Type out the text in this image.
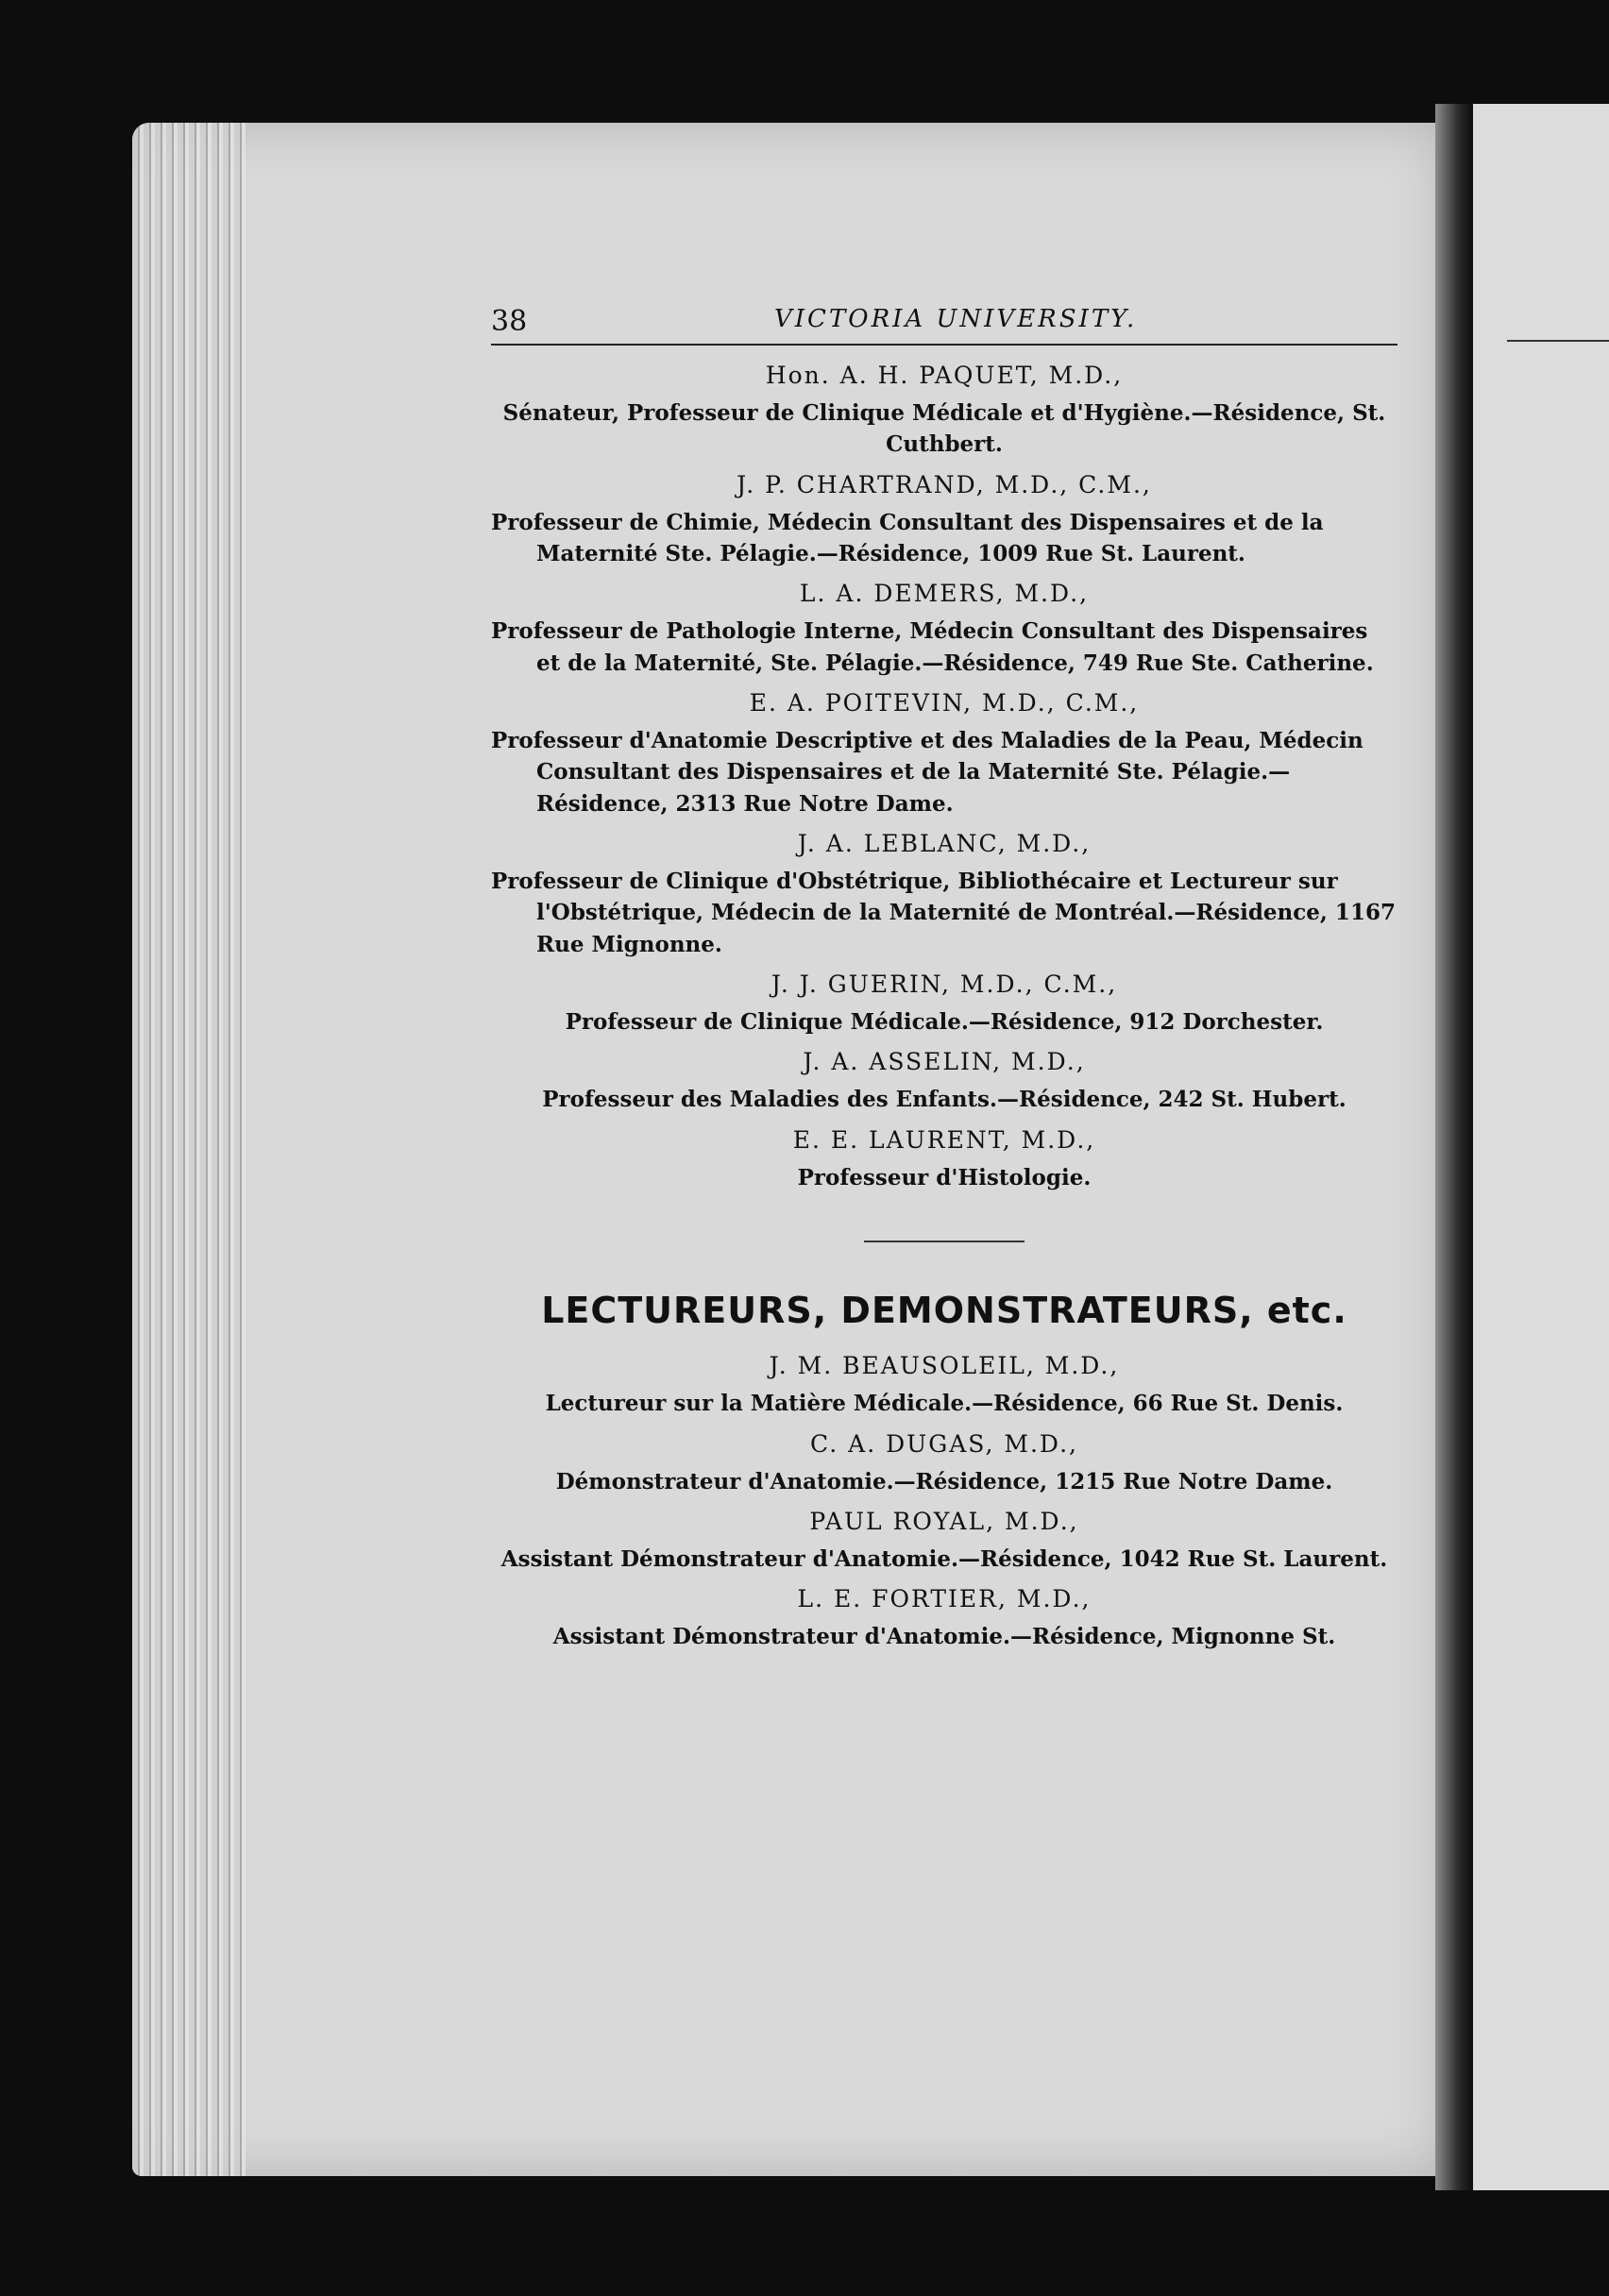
38	VICTORIA UNIVERSITY.
Hon. A. H. PAQUET, M.D.,
Sénateur, Professeur de Clinique Médicale et d'Hygiène.—Résidence, St. Cuthbert.
J. P. CHARTRAND, M.D., C.M.,
Professeur de Chimie, Médecin Consultant des Dispensaires et de la Maternité Ste. Pélagie.—Résidence, 1009 Rue St. Laurent.
L. A. DEMERS, M.D.,
Professeur de Pathologie Interne, Médecin Consultant des Dispensaires et de la Maternité, Ste. Pélagie.—Résidence, 749 Rue Ste. Catherine.
E. A. POITEVIN, M.D., C.M.,
Professeur d'Anatomie Descriptive et des Maladies de la Peau, Médecin Consultant des Dispensaires et de la Maternité Ste. Pélagie.—Résidence, 2313 Rue Notre Dame.
J. A. LEBLANC, M.D.,
Professeur de Clinique d'Obstétrique, Bibliothécaire et Lectureur sur l'Obstétrique, Médecin de la Maternité de Montréal.—Résidence, 1167 Rue Mignonne.
J. J. GUERIN, M.D., C.M.,
Professeur de Clinique Médicale.—Résidence, 912 Dorchester.
J. A. ASSELIN, M.D.,
Professeur des Maladies des Enfants.—Résidence, 242 St. Hubert.
E. E. LAURENT, M.D.,
Professeur d'Histologie.
LECTUREURS, DEMONSTRATEURS, etc.
J. M. BEAUSOLEIL, M.D.,
Lectureur sur la Matière Médicale.—Résidence, 66 Rue St. Denis.
C. A. DUGAS, M.D.,
Démonstrateur d'Anatomie.—Résidence, 1215 Rue Notre Dame.
PAUL ROYAL, M.D.,
Assistant Démonstrateur d'Anatomie.—Résidence, 1042 Rue St. Laurent.
L. E. FORTIER, M.D.,
Assistant Démonstrateur d'Anatomie.—Résidence, Mignonne St.
